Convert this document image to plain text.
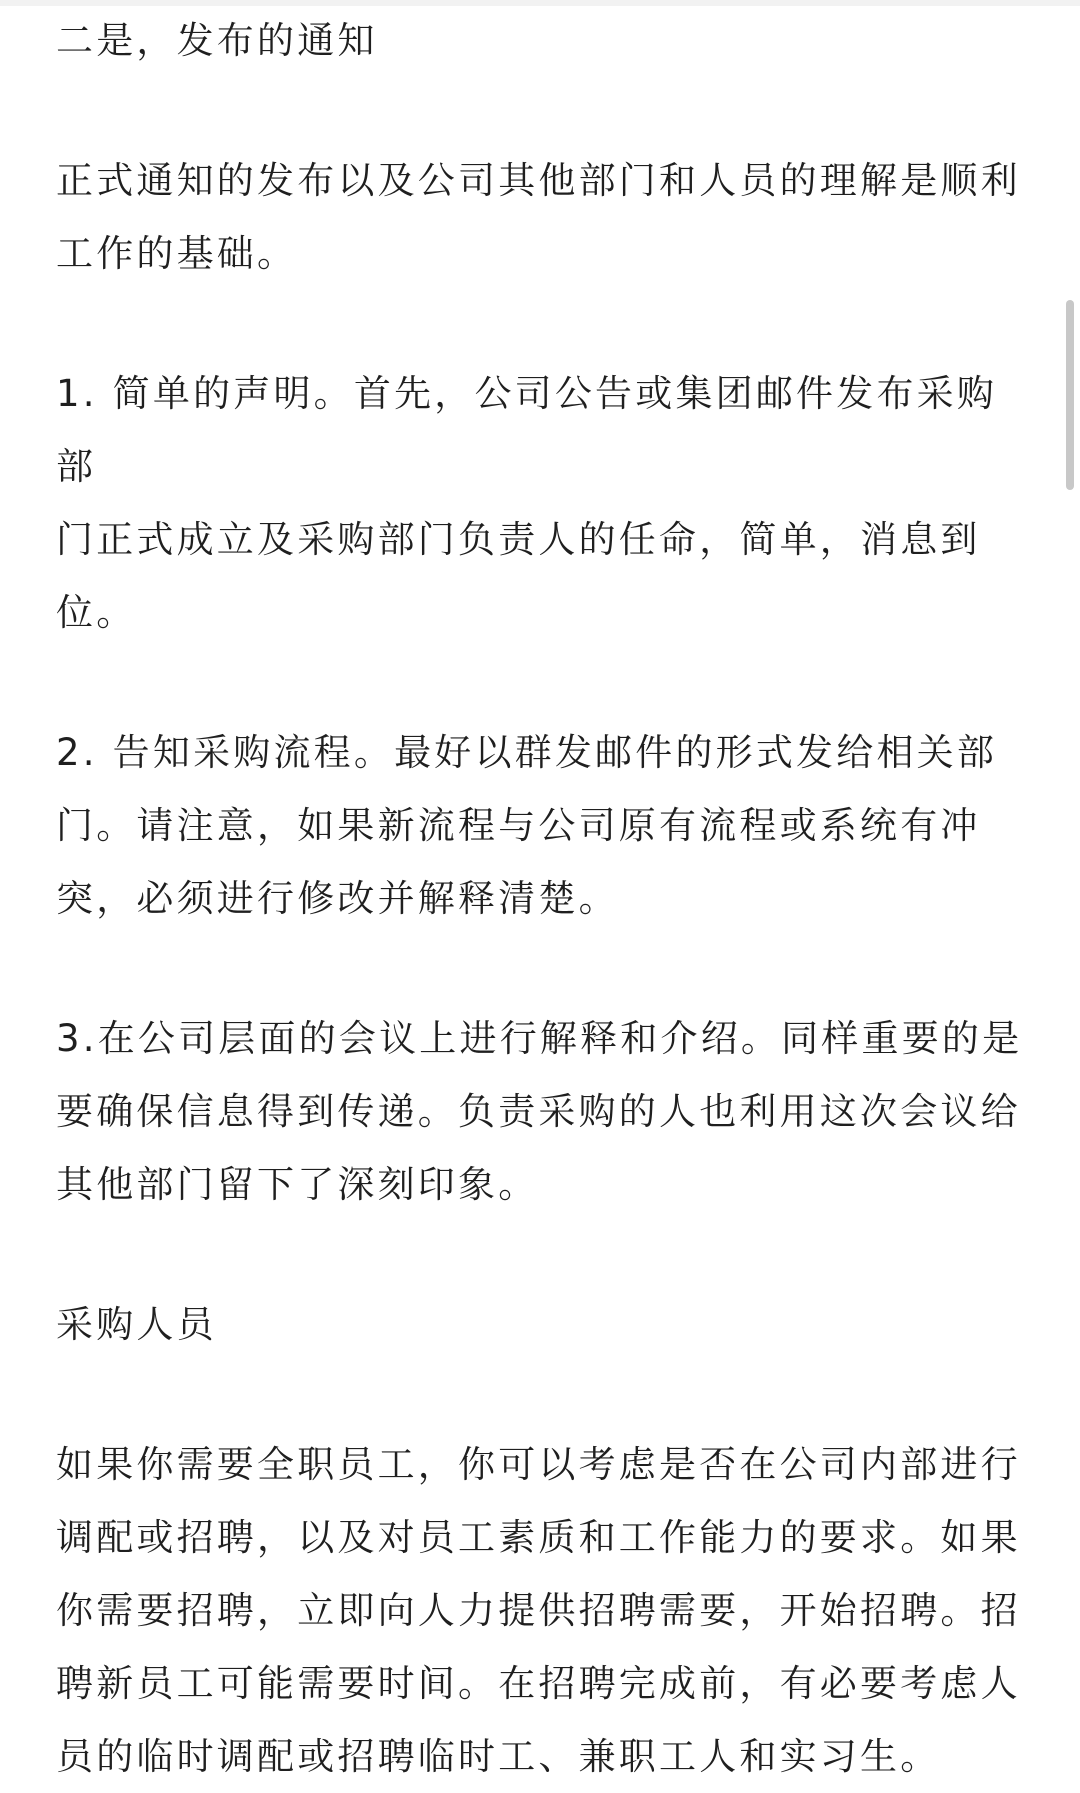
二是，发布的通知

正式通知的发布以及公司其他部门和人员的理解是顺利
工作的基础。

1. 简单的声明。首先，公司公告或集团邮件发布采购部
门正式成立及采购部门负责人的任命，简单，消息到
位。

2. 告知采购流程。最好以群发邮件的形式发给相关部
门。请注意，如果新流程与公司原有流程或系统有冲
突，必须进行修改并解释清楚。

3.在公司层面的会议上进行解释和介绍。同样重要的是
要确保信息得到传递。负责采购的人也利用这次会议给
其他部门留下了深刻印象。

采购人员

如果你需要全职员工，你可以考虑是否在公司内部进行
调配或招聘，以及对员工素质和工作能力的要求。如果
你需要招聘，立即向人力提供招聘需要，开始招聘。招
聘新员工可能需要时间。在招聘完成前，有必要考虑人
员的临时调配或招聘临时工、兼职工人和实习生。
